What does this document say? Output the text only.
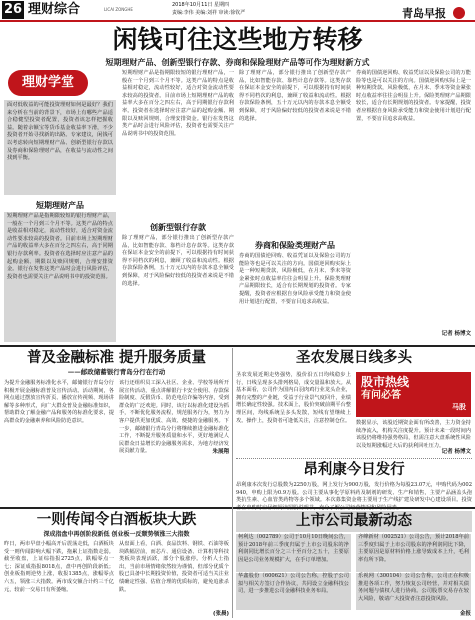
26 理财综合	LICAI ZONGHE
2018年10月11日 星期四
责编:李伟 美编:刘祥 审读:徐钦严	青岛早报
闲钱可往这些地方转移
短期理财产品、创新型银行存款、券商和保险理财产品等可作为理财新方式
理财学堂
面对低收益的可能投资理财如何是最好？我们来分析在当前的背景下，市场上有哪些产品适合稳健型投资者配置，投资者该怎样把握收益。随着余额宝等货币基金收益率下滑，不少投资者开始寻找新的出路。专家建议，闲钱可以考虑转向短期理财产品、创新型银行存款以及券商和保险理财产品，在收益与流动性之间找到平衡。
短期理财产品
短期理财产品是指期限较短的银行理财产品，一般在一个月到三个月不等。这类产品的特点是收益相对稳定，流动性较好，适合对资金流动性要求较高的投资者。目前市场上短期理财产品的收益率大多在百分之四左右，高于同期银行存款利率。投资者在选择时应注意产品的起购金额、期限以及赎回规则，合理安排资金。银行在发售这类产品时会进行风险评估，投资者也需要关注产品说明书中的投资范围。
短期理财产品是指期限较短的银行理财产品，一般在一个月到三个月不等。这类产品的特点是收益相对稳定，流动性较好，适合对资金流动性要求较高的投资者。目前市场上短期理财产品的收益率大多在百分之四左右，高于同期银行存款利率。投资者在选择时应注意产品的起购金额、期限以及赎回规则，合理安排资金。银行在发售这类产品时会进行风险评估，投资者也需要关注产品说明书中的投资范围。
创新型银行存款
除了理财产品，部分银行推出了创新型存款产品，比如智能存款、靠档计息存款等。这类存款在保证本金安全的前提下，可以根据持有时间获得不同档次的利息，兼顾了收益和流动性。根据存款保险条例，五十万元以内的存款本息全额受到保障，对于风险偏好较低的投资者来说是不错的选择。
除了理财产品，部分银行推出了创新型存款产品，比如智能存款、靠档计息存款等。这类存款在保证本金安全的前提下，可以根据持有时间获得不同档次的利息，兼顾了收益和流动性。根据存款保险条例，五十万元以内的存款本息全额受到保障，对于风险偏好较低的投资者来说是不错的选择。
券商和保险类理财产品
券商的国债逆回购、收益凭证以及保险公司的万能险等也是可以关注的方向。国债逆回购实际上是一种短期贷款，风险极低，在月末、季末等资金紧张时点收益率往往会明显上升。保险类理财产品期限较长，适合有长期规划的投资者。专家提醒，投资者应根据自身风险承受能力和资金使用计划进行配置，不要盲目追求高收益。
券商的国债逆回购、收益凭证以及保险公司的万能险等也是可以关注的方向。国债逆回购实际上是一种短期贷款，风险极低，在月末、季末等资金紧张时点收益率往往会明显上升。保险类理财产品期限较长，适合有长期规划的投资者。专家提醒，投资者应根据自身风险承受能力和资金使用计划进行配置，不要盲目追求高收益。
记者 杨博文
普及金融标准 提升服务质量
——邮政储蓄银行青岛分行在行动
为提升金融服务标准化水平，邮储银行青岛分行积极开展金融标准普及宣传活动。活动期间，各网点通过摆放宣传折页、播放宣传视频、现场讲解等多种形式，向广大群众普及金融标准知识，帮助群众了解金融产品和服务的标准化要求，提高群众的金融素养和风险防范意识。
该行还组织员工深入社区、企业、学校等场所开展宣传活动，重点讲解银行卡安全使用、存款保险制度、反假货币、防范电信诈骗等内容，受到群众的广泛欢迎。同时，该行以标准化建设为抓手，不断优化服务流程，规范服务行为，努力为客户提供更加优质、高效、便捷的金融服务。下一步，邮储银行青岛分行将继续推进金融标准化工作，不断提升服务质量和水平，更好地满足人民群众日益增长的金融服务需求，为地方经济发展贡献力量。	朱展翔
圣农发展日线多头
圣农发展近期走势强势，股价沿五日均线稳步上行，日线呈现多头排列格局，成交量温和放大。从基本面看，公司作为国内白羽肉鸡行业龙头企业，拥有完整的产业链，受益于行业景气度回升，业绩增长确定性较强。技术面上，股价突破前期平台整理区间，均线系统呈多头发散，短线有望继续上攻。操作上，投资者可逢低关注，注意控制仓位。
股市热线
有问必答
马股
数据显示，该股近期资金面有所改善，主力资金持续净流入，机构关注度提升。预计未来一段时间内该股仍将维持强势格局，但需注意大盘系统性风险以及短期涨幅过大后的获利回吐压力。
记者 杨博文
昂利康今日发行
昂利康本次发行总股数为2250万股，网上发行为900万股，发行价格为每股23.07元，申购代码为002940，申购上限为0.9万股。公司主要从事化学原料药及制剂的研发、生产和销售，主要产品涵盖头孢类抗生素、心血管类药物等多个领域。本次募集资金将主要用于生产线扩建及研发中心建设项目。投资
一则传闻令白酒板块大跌
深成指盘中再创阶段新低 创业板一反颓势领涨三大指数
昨日，两市早盘小幅高开后震荡走低，白酒板块受一则传闻影响大幅下跌，拖累上证指数走弱。截至收盘，上证综指报2725点，跌幅零点一七；深证成指报8018点，盘中再创阶段新低；创业板指则逆势上涨，收报1385点，涨幅零点六五，领涨三大指数。两市成交额合计约三千亿元，较前一交易日有所萎缩。
从盘面上看，白酒、食品饮料、钢铁、石油等板块跌幅居前，而芯片、通信设备、计算机等科技类板块表现活跃，部分个股涨停。分析人士指出，当前市场情绪依然较为谨慎，但部分优质个股已具备中长期投资价值，投资者可适当关注业绩确定性强、估值合理的优质标的，避免追涨杀跌。
(张晨)
上市公司最新动态
柯利达（002789）公司于10月10日晚间公告，预计2018年前三季度归属于上市公司股东的净利润同比增长百分之三十至百分之五十，主要原因是公司业务规模扩大，在手订单增加。
华鑫股份（600621）公司公告称，控股子公司拟与相关方签订合作协议，共同设立金融科技公司，进一步推进公司金融科技业务布局。
齐峰新材（002521）公司公告，预计2018年前三季度归属于上市公司股东的净利润同比下降，主要原因是原材料价格上涨导致成本上升，毛利率有所下降。
乐视网（300104）公司公告称，公司正在积极推进各项工作，努力恢复公司经营，并对相关债务问题与债权人进行协商。公司股票交易存在较大风险，敬请广大投资者注意投资风险。
金报
